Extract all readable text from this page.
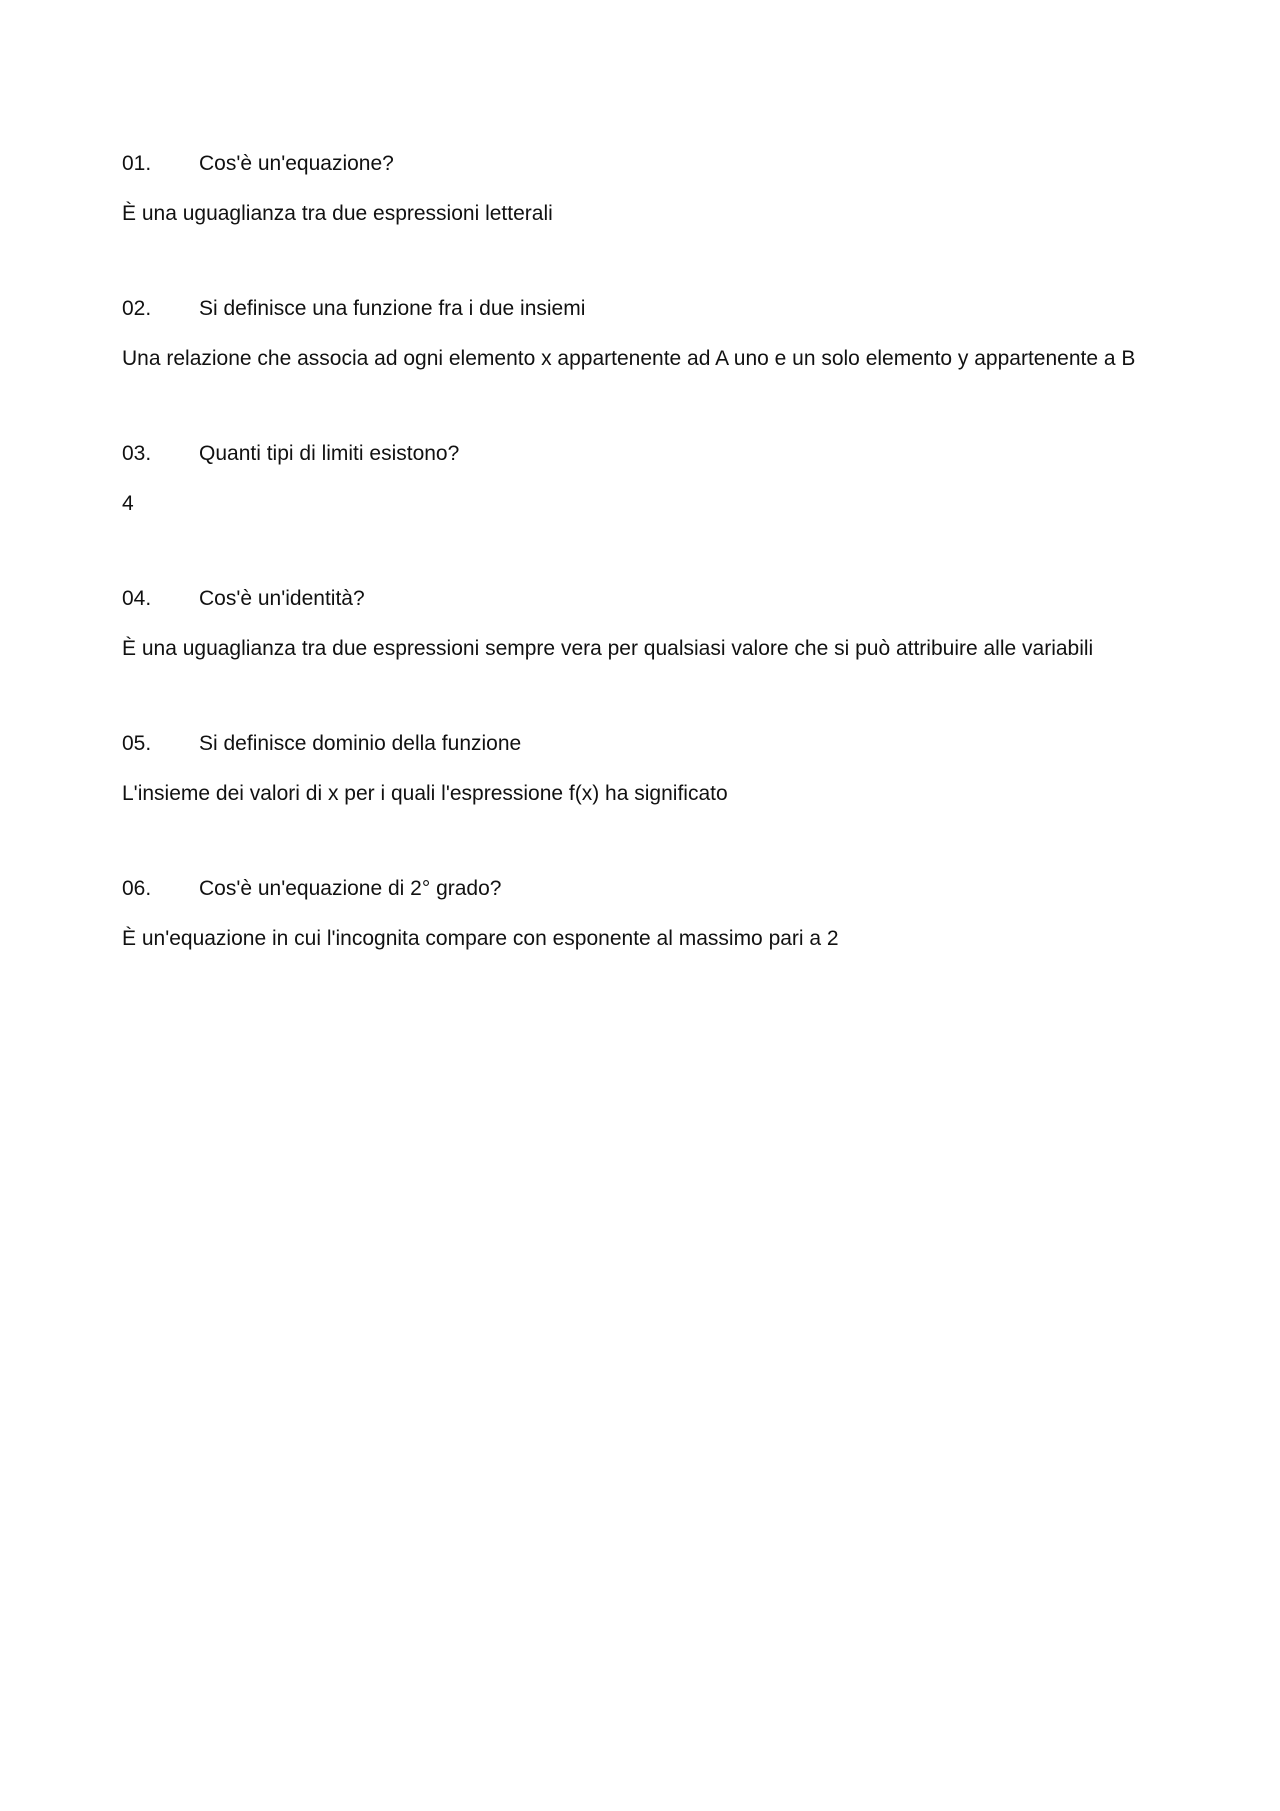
01.	Cos'è un'equazione?

È una uguaglianza tra due espressioni letterali

02.	Si definisce una funzione fra i due insiemi

Una relazione che associa ad ogni elemento x appartenente ad A uno e un solo elemento y appartenente a B

03.	Quanti tipi di limiti esistono?

4

04.	Cos'è un'identità?

È una uguaglianza tra due espressioni sempre vera per qualsiasi valore che si può attribuire alle variabili

05.	Si definisce dominio della funzione

L'insieme dei valori di x per i quali l'espressione f(x) ha significato

06.	Cos'è un'equazione di 2° grado?

È un'equazione in cui l'incognita compare con esponente al massimo pari a 2
